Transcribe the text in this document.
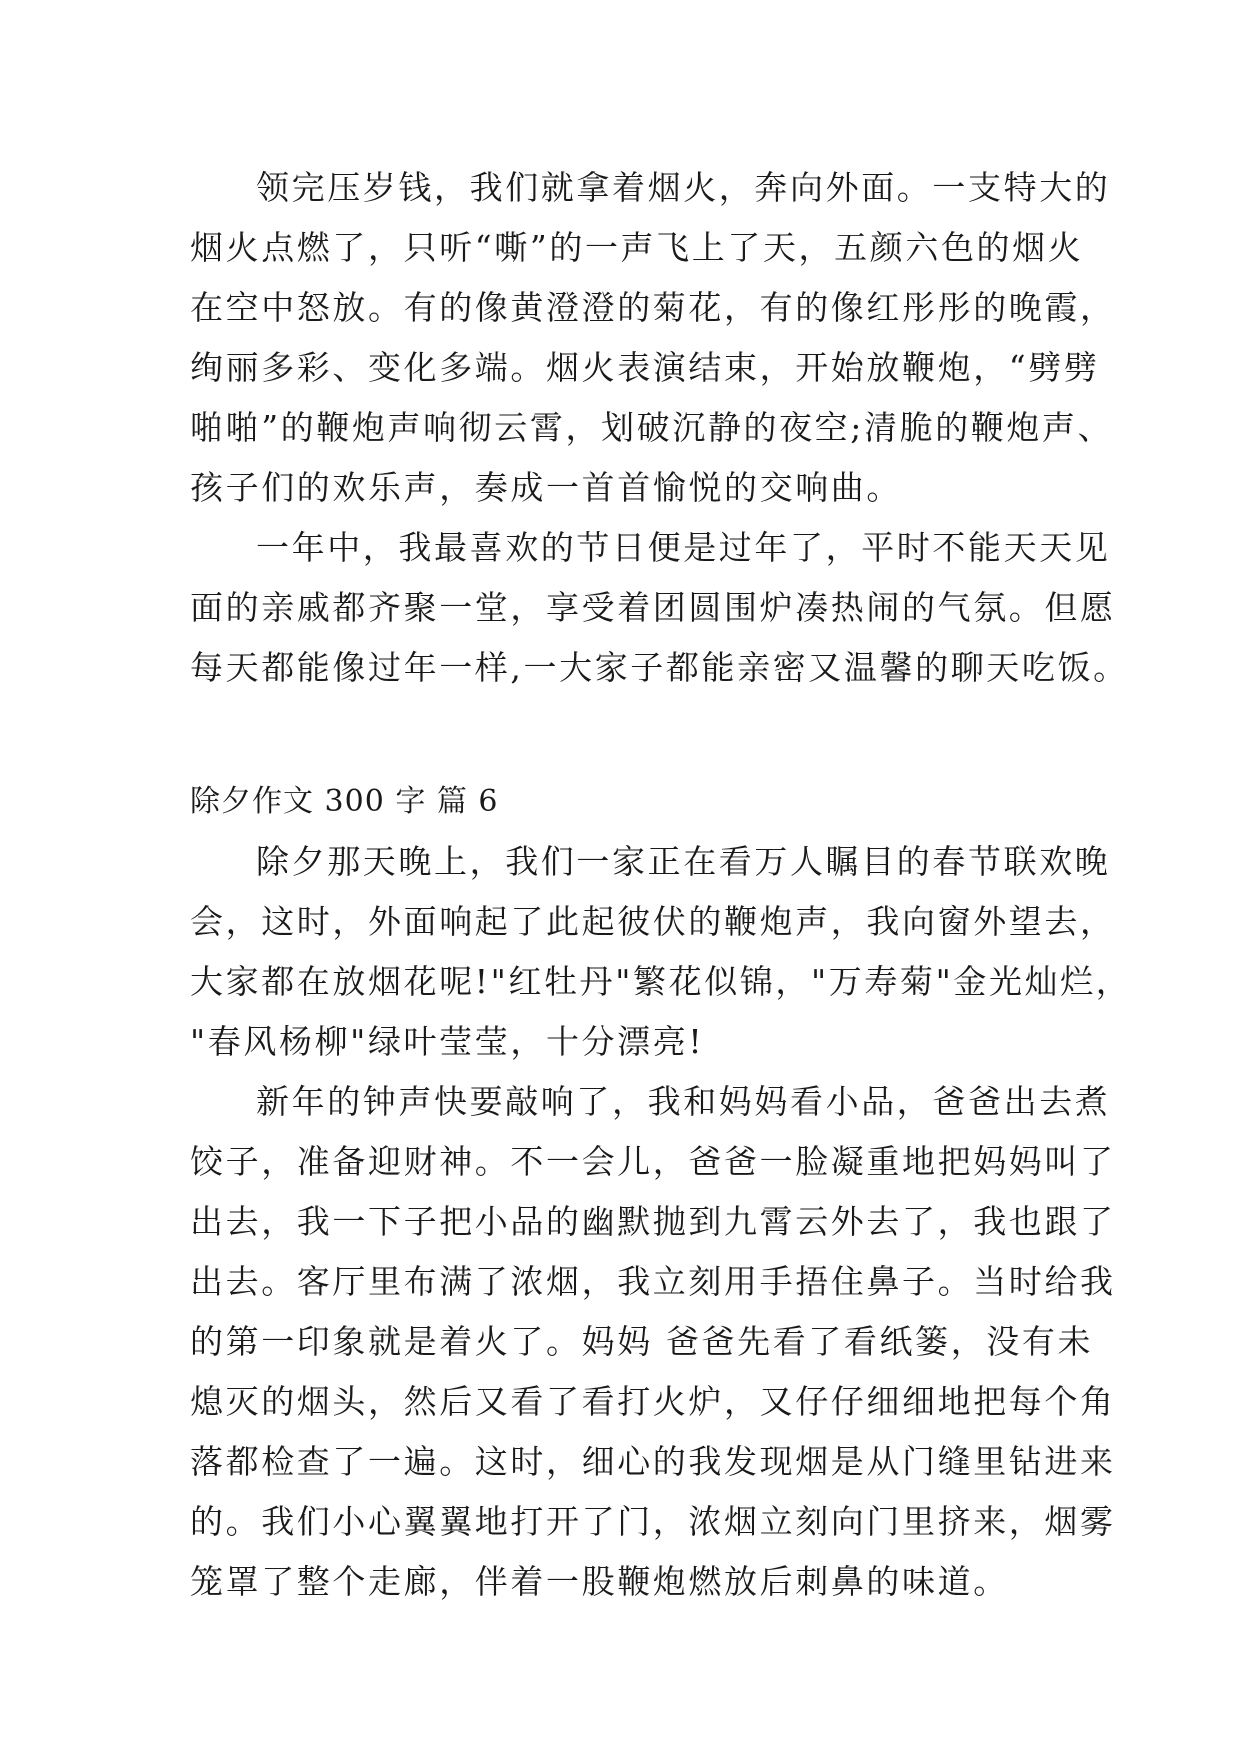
领完压岁钱，我们就拿着烟火，奔向外面。一支特大的
烟火点燃了，只听“嘶”的一声飞上了天，五颜六色的烟火
在空中怒放。有的像黄澄澄的菊花，有的像红彤彤的晚霞，
绚丽多彩、变化多端。烟火表演结束，开始放鞭炮，“劈劈
啪啪”的鞭炮声响彻云霄，划破沉静的夜空;清脆的鞭炮声、
孩子们的欢乐声，奏成一首首愉悦的交响曲。
一年中，我最喜欢的节日便是过年了，平时不能天天见
面的亲戚都齐聚一堂，享受着团圆围炉凑热闹的气氛。但愿
每天都能像过年一样,一大家子都能亲密又温馨的聊天吃饭。
除夕作文 300 字 篇 6
除夕那天晚上，我们一家正在看万人瞩目的春节联欢晚
会，这时，外面响起了此起彼伏的鞭炮声，我向窗外望去，
大家都在放烟花呢!"红牡丹"繁花似锦，"万寿菊"金光灿烂，
"春风杨柳"绿叶莹莹，十分漂亮!
新年的钟声快要敲响了，我和妈妈看小品，爸爸出去煮
饺子，准备迎财神。不一会儿，爸爸一脸凝重地把妈妈叫了
出去，我一下子把小品的幽默抛到九霄云外去了，我也跟了
出去。客厅里布满了浓烟，我立刻用手捂住鼻子。当时给我
的第一印象就是着火了。妈妈 爸爸先看了看纸篓，没有未
熄灭的烟头，然后又看了看打火炉，又仔仔细细地把每个角
落都检查了一遍。这时，细心的我发现烟是从门缝里钻进来
的。我们小心翼翼地打开了门，浓烟立刻向门里挤来，烟雾
笼罩了整个走廊，伴着一股鞭炮燃放后刺鼻的味道。
